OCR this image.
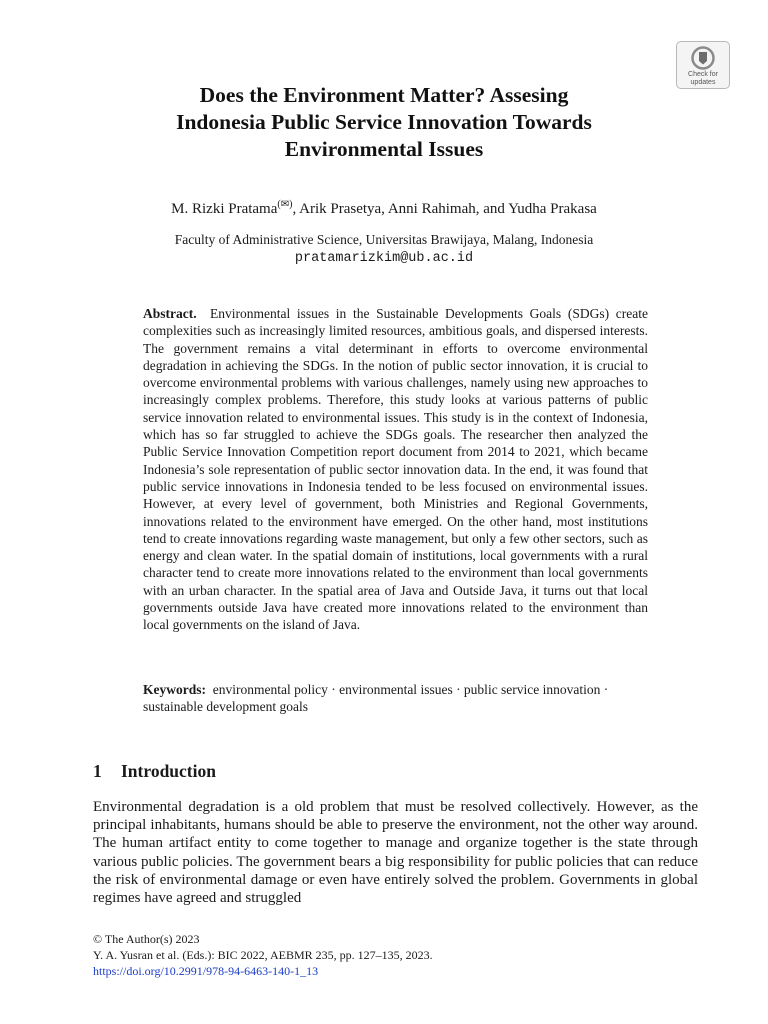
Check for
updates
Does the Environment Matter? Assesing
Indonesia Public Service Innovation Towards
Environmental Issues
M. Rizki Pratama(✉), Arik Prasetya, Anni Rahimah, and Yudha Prakasa
Faculty of Administrative Science, Universitas Brawijaya, Malang, Indonesia
pratamarizkim@ub.ac.id

Abstract. Environmental issues in the Sustainable Developments Goals (SDGs) create complexities such as increasingly limited resources, ambitious goals, and dispersed interests. The government remains a vital determinant in efforts to overcome environmental degradation in achieving the SDGs. In the notion of public sector innovation, it is crucial to overcome environmental problems with various challenges, namely using new approaches to increasingly complex problems. Therefore, this study looks at various patterns of public service innovation related to environmental issues. This study is in the context of Indonesia, which has so far struggled to achieve the SDGs goals. The researcher then analyzed the Public Service Innovation Competition report document from 2014 to 2021, which became Indonesia’s sole representation of public sector innovation data. In the end, it was found that public service innovations in Indonesia tended to be less focused on environmental issues. However, at every level of government, both Ministries and Regional Governments, innovations related to the environment have emerged. On the other hand, most institutions tend to create innovations regarding waste management, but only a few other sectors, such as energy and clean water. In the spatial domain of institutions, local governments with a rural character tend to create more innovations related to the environment than local governments with an urban character. In the spatial area of Java and Outside Java, it turns out that local governments outside Java have created more innovations related to the environment than local governments on the island of Java.

Keywords: environmental policy · environmental issues · public service innovation · sustainable development goals

1 Introduction

Environmental degradation is a old problem that must be resolved collectively. However, as the principal inhabitants, humans should be able to preserve the environment, not the other way around. The human artifact entity to come together to manage and organize together is the state through various public policies. The government bears a big responsibility for public policies that can reduce the risk of environmental damage or even have entirely solved the problem. Governments in global regimes have agreed and struggled

© The Author(s) 2023
Y. A. Yusran et al. (Eds.): BIC 2022, AEBMR 235, pp. 127–135, 2023.
https://doi.org/10.2991/978-94-6463-140-1_13
